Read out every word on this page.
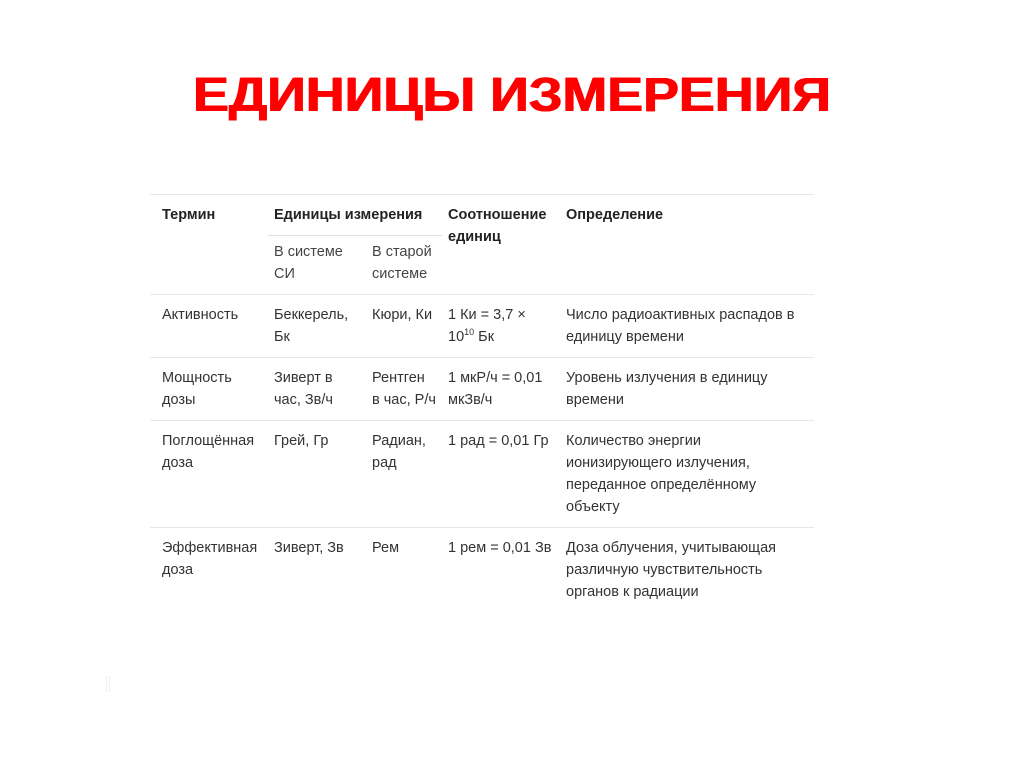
ЕДИНИЦЫ ИЗМЕРЕНИЯ
Термин	Единицы измерения		Соотношение единиц	Определение
	В системе СИ	В старой системе		
Активность	Беккерель, Бк	Кюри, Ки	1 Ки = $3,7 \times 10^{10}$ Бк	Число радиоактивных распадов в единицу времени
Мощность дозы	Зиверт в час, Зв/ч	Рентген в час, Р/ч	1 мкР/ч = 0,01 мкЗв/ч	Уровень излучения в единицу времени
Поглощённая доза	Грей, Гр	Радиан, рад	1 рад = 0,01 Гр	Количество энергии ионизирующего излучения, переданное определённому объекту
Эффективная доза	Зиверт, Зв	Рем	1 рем = 0,01 Зв	Доза облучения, учитывающая различную чувствительность органов к радиации
